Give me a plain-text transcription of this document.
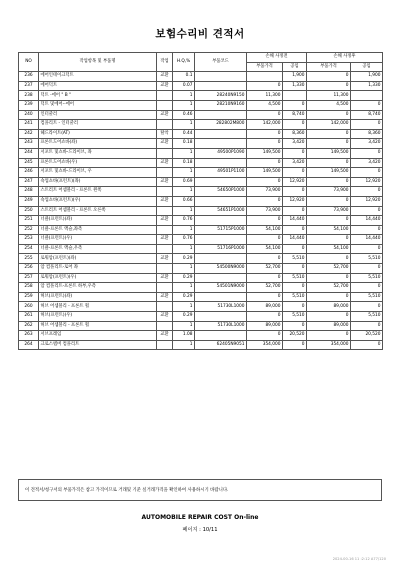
보험수리비 견적서
NO	작업항목 및 부품명	작업	H.Q,%	부품코드	손해 사정전		손해 사정후	
					부품가격	공임	부품가격	공임
236	에어인테이크덕트	교환	0.1			1,900	0	1,900
237	에어덕트	교환	0.07		0	1,330	0	1,330
238	덕트 -에어 " B "		1	28240N9150	11,300		11,300	
239	덕트 및에어--에어		1	28210N9160	4,500	0	4,500	0
240	인터쿨러	교환	0.46		0	8,740	0	8,740
241	컴플리트 - 인터쿨러		1	282802M800	142,000	0	142,000	0
242	헤드라이트(AT)	탈착	0.44		0	8,360	0	8,360
243	프론트도어쇼바(좌)	교환	0.18		0	3,420	0	3,420
244	서포트 및쇼바-드라이브, 좌		1	49500P1090	149,500	0	149,500	0
245	프론트도어쇼바(우)	교환	0.18		0	3,420	0	3,420
246	서포트 및쇼바-드라이브, 우		1	49501P1100	149,500	0	149,500	0
247	쇽업쇼바(프런트)(좌)	교환	0.69		0	12,920	0	12,920
248	스트러트 어셈블리 - 프론트 왼쪽		1	54650P1000	73,900	0	73,900	0
249	쇽업쇼바(프런트)(우)	교환	0.66		0	12,920	0	12,920
250	스트러트 어셈블리 - 프론트 오른쪽		1	54651P1000	73,900	0	73,900	0
251	너클(프런트)(좌)	교환	0.76		0	14,440	0	14,440
252	너클-프론트 액슬,좌측		1	51715P1000	54,100	0	54,100	0
253	너클(프런트)(우)	교환	0.76		0	14,440	0	14,440
254	너클-프론트 액슬,우측		1	51716P1000	54,100	0	54,100	0
255	로워암(프런트)(좌)	교환	0.29		0	5,510	0	5,510
256	암 컴플리트-로어 좌		1	54500N9000	52,700	0	52,700	0
257	로워암(프런트)(우)	교환	0.29		0	5,510	0	5,510
258	암 컴플리트-프론트 하부,우측		1	54501N9000	52,700	0	52,700	0
259	허브(프런트)(좌)	교환	0.29		0	5,510	0	5,510
260	허브 어셈블리 - 프론트 휠		1	51730L1000	89,000	0	89,000	0
261	허브(프런트)(우)	교환	0.29		0	5,510	0	5,510
262	허브 어셈블리 - 프론트 휠		1	51730L1000	89,000	0	89,000	0
263	서브프레임	교환	1.08		0	20,520	0	20,520
264	크로스멤버 컴플리트		1	62405N9051	354,000	0	354,000	0
이 견적서/청구서의 부품가격은 참고 가격이므로 거래및 기준 실거래가격을 확인하여 사용하시기 바랍니다.
AUTOMOBILE REPAIR COST On-line
페이지 : 10/11
2024-00-16 11 :2:12 A77/120
